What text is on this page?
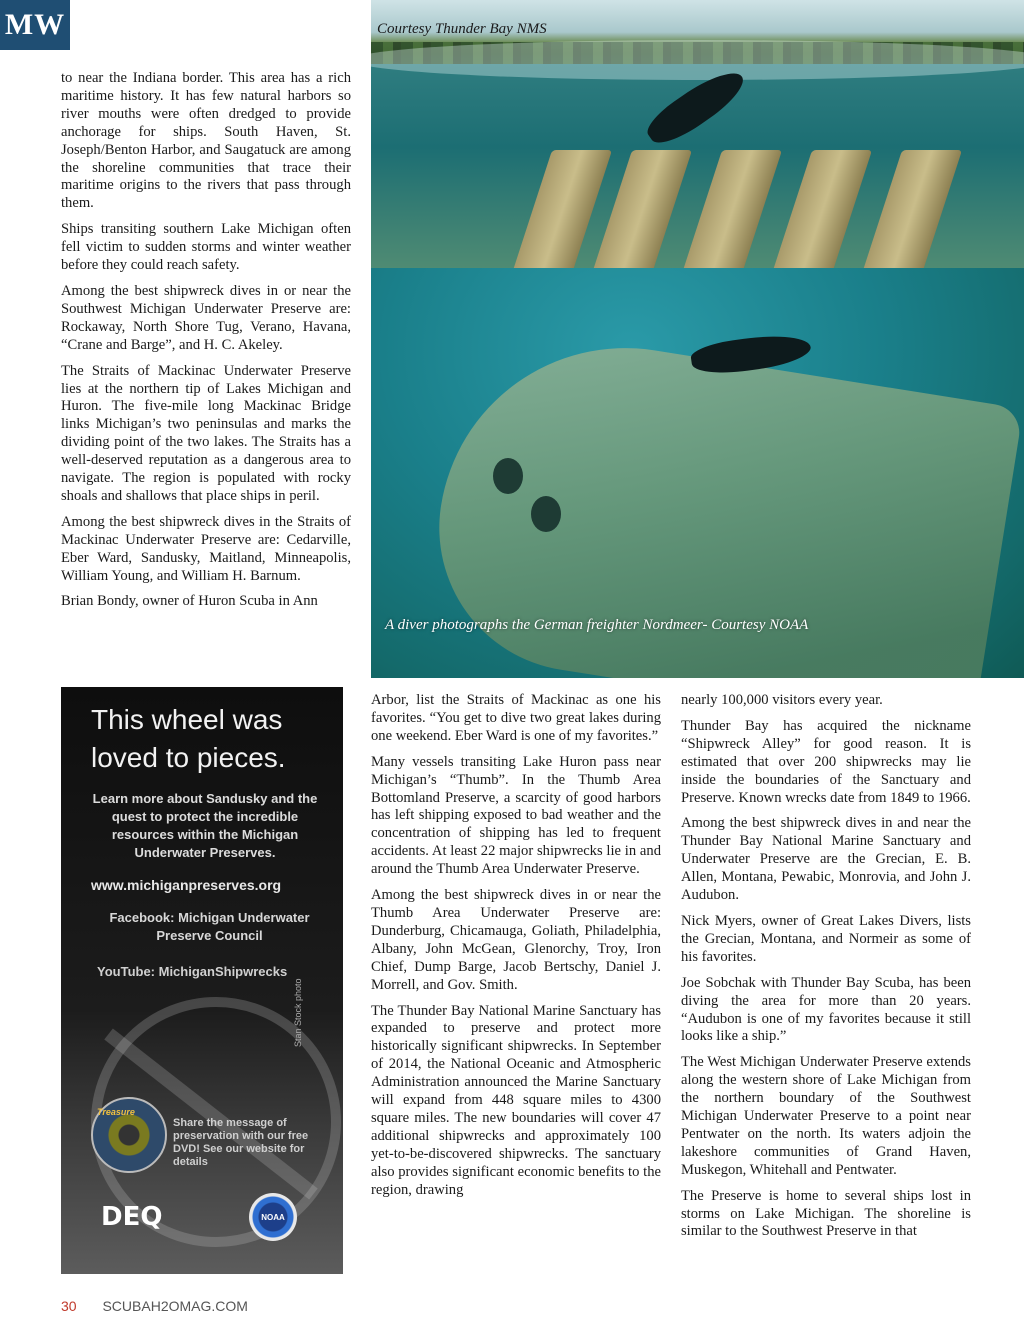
MW	Courtesy Thunder Bay NMS
A diver photographs the German freighter Nordmeer- Courtesy NOAA

to near the Indiana border. This area has a rich maritime history. It has few natural harbors so river mouths were often dredged to provide anchorage for ships. South Haven, St. Joseph/Benton Harbor, and Saugatuck are among the shoreline communities that trace their maritime origins to the rivers that pass through them.

Ships transiting southern Lake Michigan often fell victim to sudden storms and winter weather before they could reach safety.

Among the best shipwreck dives in or near the Southwest Michigan Underwater Preserve are: Rockaway, North Shore Tug, Verano, Havana, “Crane and Barge”, and H. C. Akeley.

The Straits of Mackinac Underwater Preserve lies at the northern tip of Lakes Michigan and Huron. The five-mile long Mackinac Bridge links Michigan’s two peninsulas and marks the dividing point of the two lakes. The Straits has a well-deserved reputation as a dangerous area to navigate. The region is populated with rocky shoals and shallows that place ships in peril.

Among the best shipwreck dives in the Straits of Mackinac Underwater Preserve are: Cedarville, Eber Ward, Sandusky, Maitland, Minneapolis, William Young, and William H. Barnum.

Brian Bondy, owner of Huron Scuba in Ann

Arbor, list the Straits of Mackinac as one his favorites. “You get to dive two great lakes during one weekend. Eber Ward is one of my favorites.”

Many vessels transiting Lake Huron pass near Michigan’s “Thumb”. In the Thumb Area Bottomland Preserve, a scarcity of good harbors has left shipping exposed to bad weather and the concentration of shipping has led to frequent accidents. At least 22 major shipwrecks lie in and around the Thumb Area Underwater Preserve.

Among the best shipwreck dives in or near the Thumb Area Underwater Preserve are: Dunderburg, Chicamauga, Goliath, Philadelphia, Albany, John McGean, Glenorchy, Troy, Iron Chief, Dump Barge, Jacob Bertschy, Daniel J. Morrell, and Gov. Smith.

The Thunder Bay National Marine Sanctuary has expanded to preserve and protect more historically significant shipwrecks. In September of 2014, the National Oceanic and Atmospheric Administration announced the Marine Sanctuary will expand from 448 square miles to 4300 square miles. The new boundaries will cover 47 additional shipwrecks and approximately 100 yet-to-be-discovered shipwrecks. The sanctuary also provides significant economic benefits to the region, drawing

nearly 100,000 visitors every year.

Thunder Bay has acquired the nickname “Shipwreck Alley” for good reason. It is estimated that over 200 shipwrecks may lie inside the boundaries of the Sanctuary and Preserve. Known wrecks date from 1849 to 1966.

Among the best shipwreck dives in and near the Thunder Bay National Marine Sanctuary and Underwater Preserve are the Grecian, E. B. Allen, Montana, Pewabic, Monrovia, and John J. Audubon.

Nick Myers, owner of Great Lakes Divers, lists the Grecian, Montana, and Normeir as some of his favorites.

Joe Sobchak with Thunder Bay Scuba, has been diving the area for more than 20 years. “Audubon is one of my favorites because it still looks like a ship.”

The West Michigan Underwater Preserve extends along the western shore of Lake Michigan from the northern boundary of the Southwest Michigan Underwater Preserve to a point near Pentwater on the north. Its waters adjoin the lakeshore communities of Grand Haven, Muskegon, Whitehall and Pentwater.

The Preserve is home to several ships lost in storms on Lake Michigan. The shoreline is similar to the Southwest Preserve in that

This wheel was loved to pieces.
Learn more about Sandusky and the quest to protect the incredible resources within the Michigan Underwater Preserves.
www.michiganpreserves.org
Facebook: Michigan Underwater Preserve Council
YouTube: MichiganShipwrecks
Stan Stock photo
Treasure
Share the message of preservation with our free DVD! See our website for details
DEQ	NOAA
30 SCUBAH2OMAG.COM
